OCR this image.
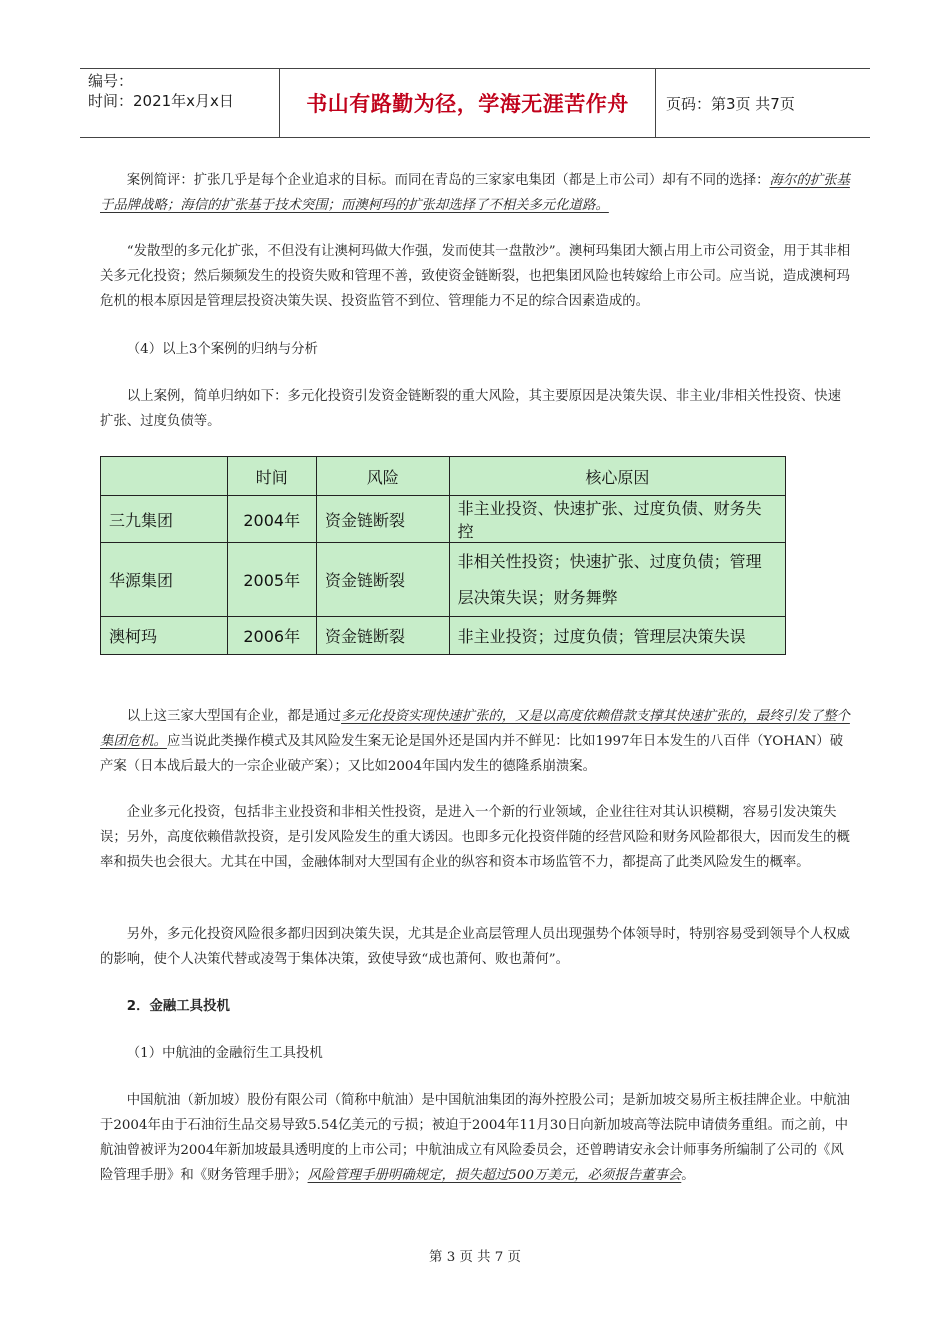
编号：
时间：2021年x月x日	书山有路勤为径，学海无涯苦作舟	页码：第3页 共7页

案例简评：扩张几乎是每个企业追求的目标。而同在青岛的三家家电集团（都是上市公司）却有不同的选择：海尔的扩张基于品牌战略；海信的扩张基于技术突围；而澳柯玛的扩张却选择了不相关多元化道路。

“发散型的多元化扩张，不但没有让澳柯玛做大作强，发而使其一盘散沙”。澳柯玛集团大额占用上市公司资金，用于其非相关多元化投资；然后频频发生的投资失败和管理不善，致使资金链断裂，也把集团风险也转嫁给上市公司。应当说，造成澳柯玛危机的根本原因是管理层投资决策失误、投资监管不到位、管理能力不足的综合因素造成的。

（4）以上3个案例的归纳与分析

以上案例，简单归纳如下：多元化投资引发资金链断裂的重大风险，其主要原因是决策失误、非主业/非相关性投资、快速扩张、过度负债等。

	时间	风险	核心原因
三九集团	2004年	资金链断裂	非主业投资、快速扩张、过度负债、财务失控
华源集团	2005年	资金链断裂	非相关性投资；快速扩张、过度负债；管理层决策失误；财务舞弊
澳柯玛	2006年	资金链断裂	非主业投资；过度负债；管理层决策失误

以上这三家大型国有企业，都是通过多元化投资实现快速扩张的，又是以高度依赖借款支撑其快速扩张的，最终引发了整个集团危机。应当说此类操作模式及其风险发生案无论是国外还是国内并不鲜见：比如1997年日本发生的八百伴（YOHAN）破产案（日本战后最大的一宗企业破产案）；又比如2004年国内发生的德隆系崩溃案。

企业多元化投资，包括非主业投资和非相关性投资，是进入一个新的行业领域，企业往往对其认识模糊，容易引发决策失误；另外，高度依赖借款投资，是引发风险发生的重大诱因。也即多元化投资伴随的经营风险和财务风险都很大，因而发生的概率和损失也会很大。尤其在中国，金融体制对大型国有企业的纵容和资本市场监管不力，都提高了此类风险发生的概率。

另外，多元化投资风险很多都归因到决策失误，尤其是企业高层管理人员出现强势个体领导时，特别容易受到领导个人权威的影响，使个人决策代替或凌驾于集体决策，致使导致“成也萧何、败也萧何”。

2．金融工具投机

（1）中航油的金融衍生工具投机

中国航油（新加坡）股份有限公司（简称中航油）是中国航油集团的海外控股公司；是新加坡交易所主板挂牌企业。中航油于2004年由于石油衍生品交易导致5.54亿美元的亏损；被迫于2004年11月30日向新加坡高等法院申请债务重组。而之前，中航油曾被评为2004年新加坡最具透明度的上市公司；中航油成立有风险委员会，还曾聘请安永会计师事务所编制了公司的《风险管理手册》和《财务管理手册》；风险管理手册明确规定，损失超过500万美元，必须报告董事会。

第 3 页 共 7 页
